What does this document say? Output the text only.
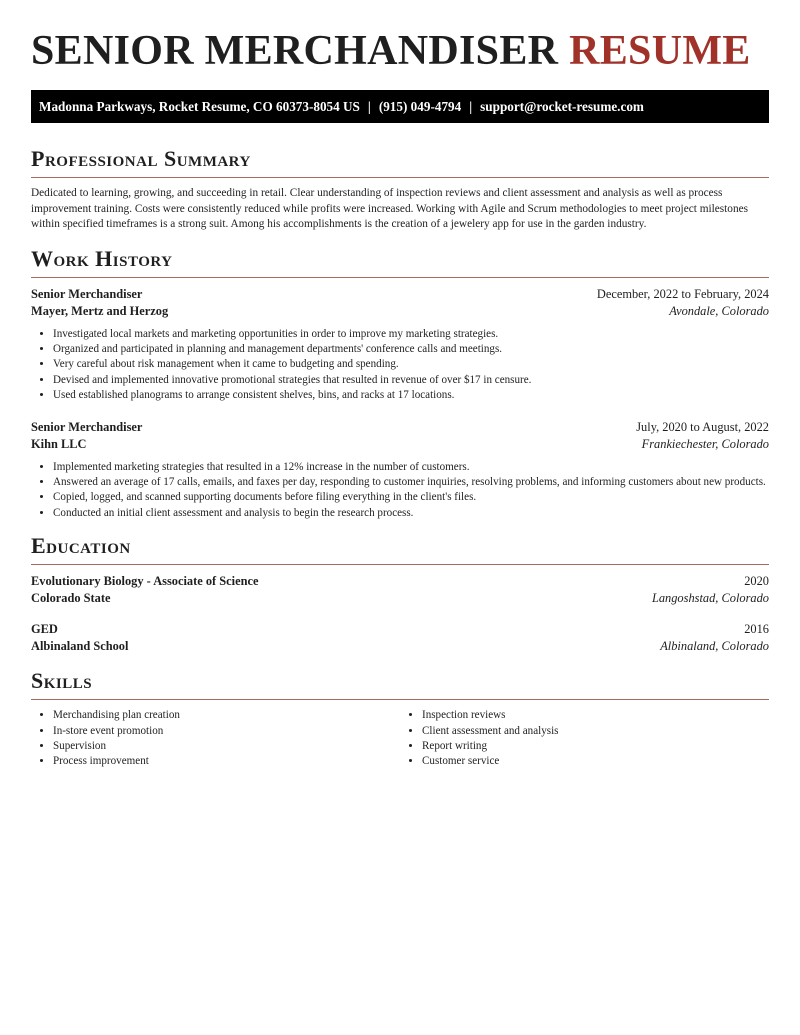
SENIOR MERCHANDISER RESUME
Madonna Parkways, Rocket Resume, CO 60373-8054 US | (915) 049-4794 | support@rocket-resume.com
Professional Summary
Dedicated to learning, growing, and succeeding in retail. Clear understanding of inspection reviews and client assessment and analysis as well as process improvement training. Costs were consistently reduced while profits were increased. Working with Agile and Scrum methodologies to meet project milestones within specified timeframes is a strong suit. Among his accomplishments is the creation of a jewelery app for use in the garden industry.
Work History
Senior Merchandiser	December, 2022 to February, 2024
Mayer, Mertz and Herzog	Avondale, Colorado
• Investigated local markets and marketing opportunities in order to improve my marketing strategies.
• Organized and participated in planning and management departments' conference calls and meetings.
• Very careful about risk management when it came to budgeting and spending.
• Devised and implemented innovative promotional strategies that resulted in revenue of over $17 in censure.
• Used established planograms to arrange consistent shelves, bins, and racks at 17 locations.
Senior Merchandiser	July, 2020 to August, 2022
Kihn LLC	Frankiechester, Colorado
• Implemented marketing strategies that resulted in a 12% increase in the number of customers.
• Answered an average of 17 calls, emails, and faxes per day, responding to customer inquiries, resolving problems, and informing customers about new products.
• Copied, logged, and scanned supporting documents before filing everything in the client's files.
• Conducted an initial client assessment and analysis to begin the research process.
Education
Evolutionary Biology - Associate of Science	2020
Colorado State	Langoshstad, Colorado
GED	2016
Albinaland School	Albinaland, Colorado
Skills
• Merchandising plan creation
• In-store event promotion
• Supervision
• Process improvement
• Inspection reviews
• Client assessment and analysis
• Report writing
• Customer service
